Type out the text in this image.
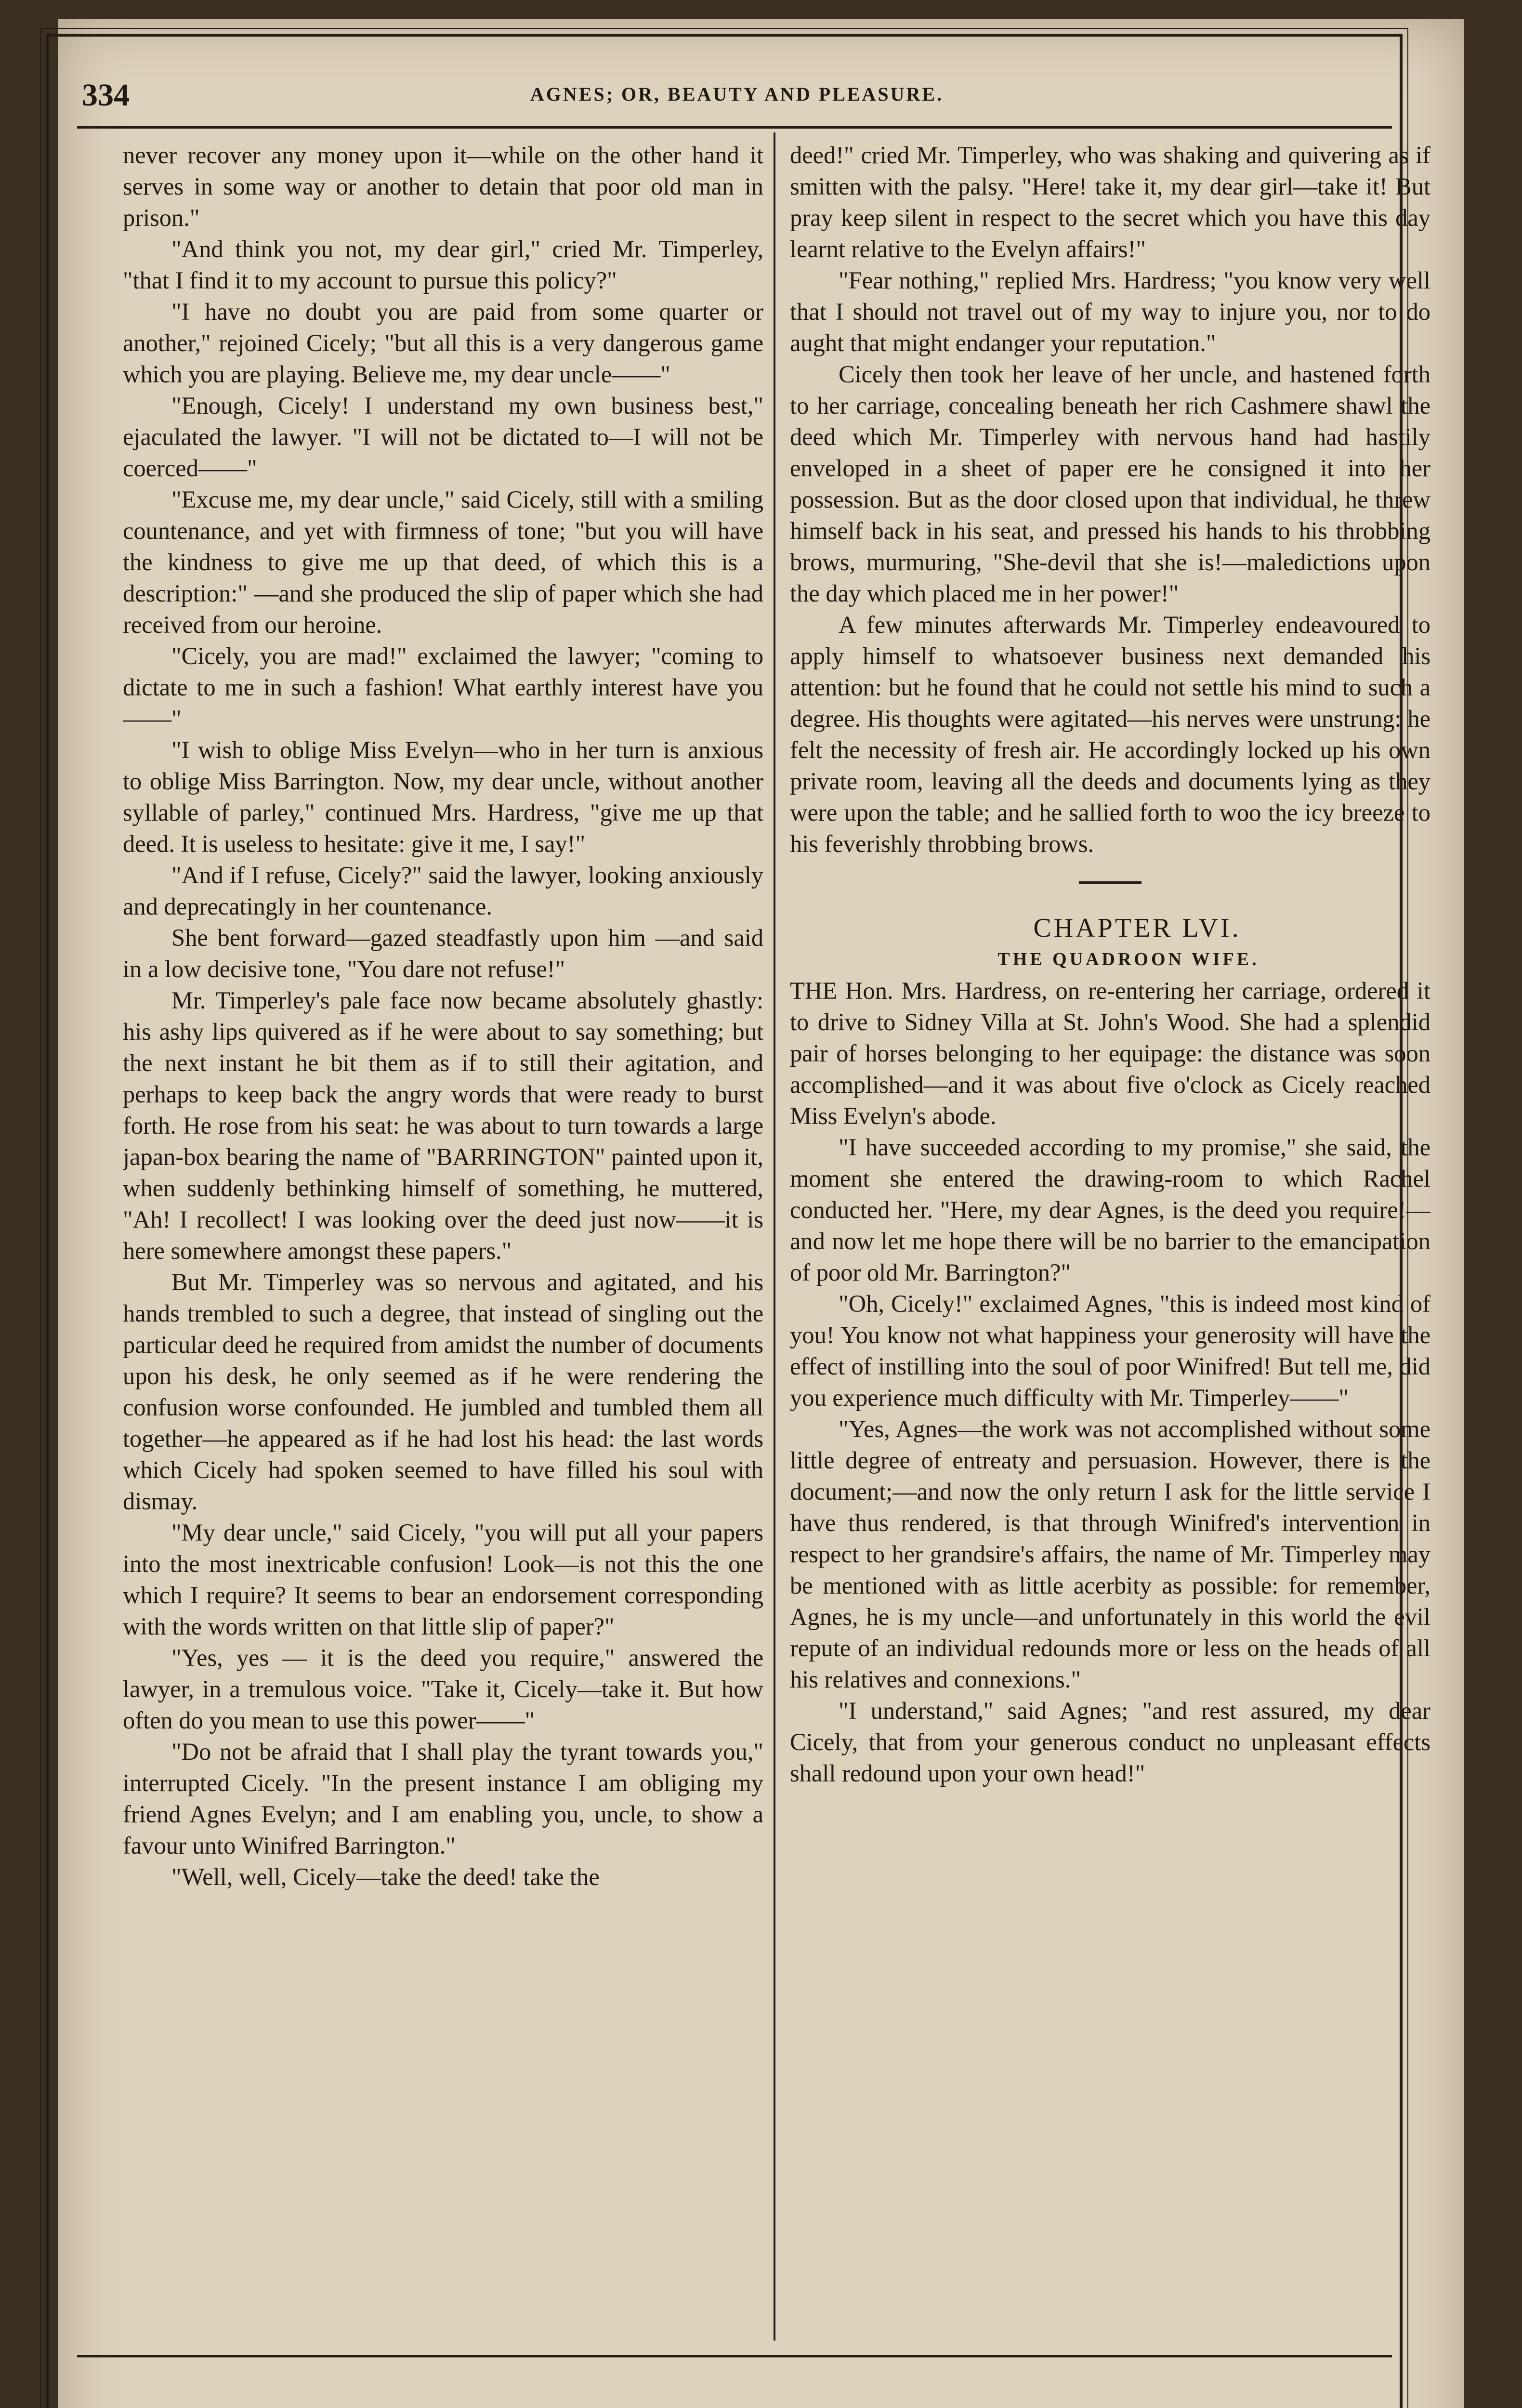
334	AGNES; OR, BEAUTY AND PLEASURE.

never recover any money upon it—while on the other hand it serves in some way or another to detain that poor old man in prison."

"And think you not, my dear girl," cried Mr. Timperley, "that I find it to my account to pursue this policy?"

"I have no doubt you are paid from some quarter or another," rejoined Cicely; "but all this is a very dangerous game which you are playing. Believe me, my dear uncle——"

"Enough, Cicely! I understand my own business best," ejaculated the lawyer. "I will not be dictated to—I will not be coerced——"

"Excuse me, my dear uncle," said Cicely, still with a smiling countenance, and yet with firmness of tone; "but you will have the kindness to give me up that deed, of which this is a description:" —and she produced the slip of paper which she had received from our heroine.

"Cicely, you are mad!" exclaimed the lawyer; "coming to dictate to me in such a fashion! What earthly interest have you——"

"I wish to oblige Miss Evelyn—who in her turn is anxious to oblige Miss Barrington. Now, my dear uncle, without another syllable of parley," continued Mrs. Hardress, "give me up that deed. It is useless to hesitate: give it me, I say!"

"And if I refuse, Cicely?" said the lawyer, looking anxiously and deprecatingly in her countenance.

She bent forward—gazed steadfastly upon him —and said in a low decisive tone, "You dare not refuse!"

Mr. Timperley's pale face now became absolutely ghastly: his ashy lips quivered as if he were about to say something; but the next instant he bit them as if to still their agitation, and perhaps to keep back the angry words that were ready to burst forth. He rose from his seat: he was about to turn towards a large japan-box bearing the name of "BARRINGTON" painted upon it, when suddenly bethinking himself of something, he muttered, "Ah! I recollect! I was looking over the deed just now——it is here somewhere amongst these papers."

But Mr. Timperley was so nervous and agitated, and his hands trembled to such a degree, that instead of singling out the particular deed he required from amidst the number of documents upon his desk, he only seemed as if he were rendering the confusion worse confounded. He jumbled and tumbled them all together—he appeared as if he had lost his head: the last words which Cicely had spoken seemed to have filled his soul with dismay.

"My dear uncle," said Cicely, "you will put all your papers into the most inextricable confusion! Look—is not this the one which I require? It seems to bear an endorsement corresponding with the words written on that little slip of paper?"

"Yes, yes — it is the deed you require," answered the lawyer, in a tremulous voice. "Take it, Cicely—take it. But how often do you mean to use this power——"

"Do not be afraid that I shall play the tyrant towards you," interrupted Cicely. "In the present instance I am obliging my friend Agnes Evelyn; and I am enabling you, uncle, to show a favour unto Winifred Barrington."

"Well, well, Cicely—take the deed! take the

deed!" cried Mr. Timperley, who was shaking and quivering as if smitten with the palsy. "Here! take it, my dear girl—take it! But pray keep silent in respect to the secret which you have this day learnt relative to the Evelyn affairs!"

"Fear nothing," replied Mrs. Hardress; "you know very well that I should not travel out of my way to injure you, nor to do aught that might endanger your reputation."

Cicely then took her leave of her uncle, and hastened forth to her carriage, concealing beneath her rich Cashmere shawl the deed which Mr. Timperley with nervous hand had hastily enveloped in a sheet of paper ere he consigned it into her possession. But as the door closed upon that individual, he threw himself back in his seat, and pressed his hands to his throbbing brows, murmuring, "She-devil that she is!—maledictions upon the day which placed me in her power!"

A few minutes afterwards Mr. Timperley endeavoured to apply himself to whatsoever business next demanded his attention: but he found that he could not settle his mind to such a degree. His thoughts were agitated—his nerves were unstrung: he felt the necessity of fresh air. He accordingly locked up his own private room, leaving all the deeds and documents lying as they were upon the table; and he sallied forth to woo the icy breeze to his feverishly throbbing brows.

CHAPTER LVI.

THE QUADROON WIFE.

THE Hon. Mrs. Hardress, on re-entering her carriage, ordered it to drive to Sidney Villa at St. John's Wood. She had a splendid pair of horses belonging to her equipage: the distance was soon accomplished—and it was about five o'clock as Cicely reached Miss Evelyn's abode.

"I have succeeded according to my promise," she said, the moment she entered the drawing-room to which Rachel conducted her. "Here, my dear Agnes, is the deed you require!—and now let me hope there will be no barrier to the emancipation of poor old Mr. Barrington?"

"Oh, Cicely!" exclaimed Agnes, "this is indeed most kind of you! You know not what happiness your generosity will have the effect of instilling into the soul of poor Winifred! But tell me, did you experience much difficulty with Mr. Timperley——"

"Yes, Agnes—the work was not accomplished without some little degree of entreaty and persuasion. However, there is the document;—and now the only return I ask for the little service I have thus rendered, is that through Winifred's intervention in respect to her grandsire's affairs, the name of Mr. Timperley may be mentioned with as little acerbity as possible: for remember, Agnes, he is my uncle—and unfortunately in this world the evil repute of an individual redounds more or less on the heads of all his relatives and connexions."

"I understand," said Agnes; "and rest assured, my dear Cicely, that from your generous conduct no unpleasant effects shall redound upon your own head!"
